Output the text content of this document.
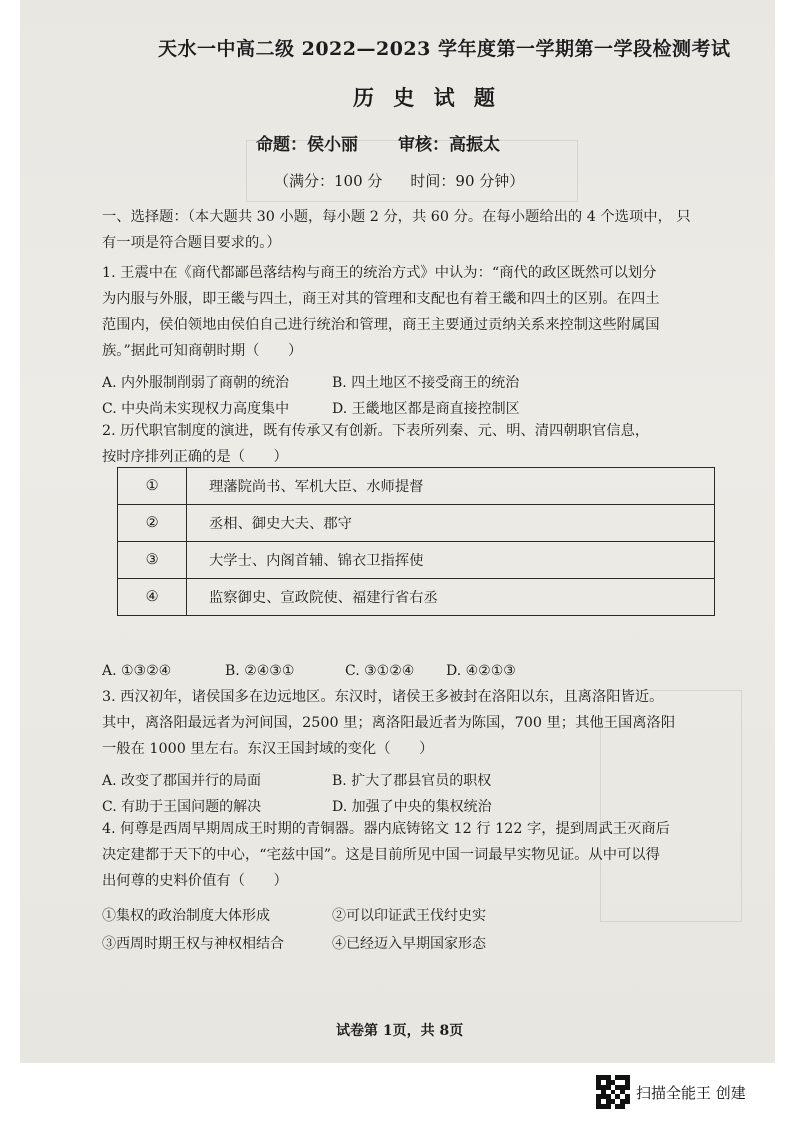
天水一中高二级 2022—2023 学年度第一学期第一学段检测考试
历 史 试 题
命题：侯小丽 审核：高振太
（满分：100 分 时间：90 分钟）
一、选择题：（本大题共 30 小题，每小题 2 分，共 60 分。在每小题给出的 4 个选项中， 只
有一项是符合题目要求的。）
1. 王震中在《商代都鄙邑落结构与商王的统治方式》中认为：“商代的政区既然可以划分
为内服与外服，即王畿与四土，商王对其的管理和支配也有着王畿和四土的区别。在四土
范围内，侯伯领地由侯伯自己进行统治和管理，商王主要通过贡纳关系来控制这些附属国
族。”据此可知商朝时期（　　）
A. 内外服制削弱了商朝的统治	B. 四土地区不接受商王的统治
C. 中央尚未实现权力高度集中	D. 王畿地区都是商直接控制区
2. 历代职官制度的演进，既有传承又有创新。下表所列秦、元、明、清四朝职官信息，
按时序排列正确的是（　　）
①	理藩院尚书、军机大臣、水师提督
②	丞相、御史大夫、郡守
③	大学士、内阁首辅、锦衣卫指挥使
④	监察御史、宣政院使、福建行省右丞
A. ①③②④	B. ②④③①	C. ③①②④ D. ④②①③
3. 西汉初年，诸侯国多在边远地区。东汉时，诸侯王多被封在洛阳以东，且离洛阳皆近。
其中，离洛阳最远者为河间国，2500 里；离洛阳最近者为陈国，700 里；其他王国离洛阳
一般在 1000 里左右。东汉王国封域的变化（　　）
A. 改变了郡国并行的局面	B. 扩大了郡县官员的职权
C. 有助于王国问题的解决	D. 加强了中央的集权统治
4. 何尊是西周早期周成王时期的青铜器。器内底铸铭文 12 行 122 字，提到周武王灭商后
决定建都于天下的中心，“宅兹中国”。这是目前所见中国一词最早实物见证。从中可以得
出何尊的史料价值有（　　）
①集权的政治制度大体形成	②可以印证武王伐纣史实
③西周时期王权与神权相结合	④已经迈入早期国家形态
试卷第 1页，共 8页
扫描全能王 创建
